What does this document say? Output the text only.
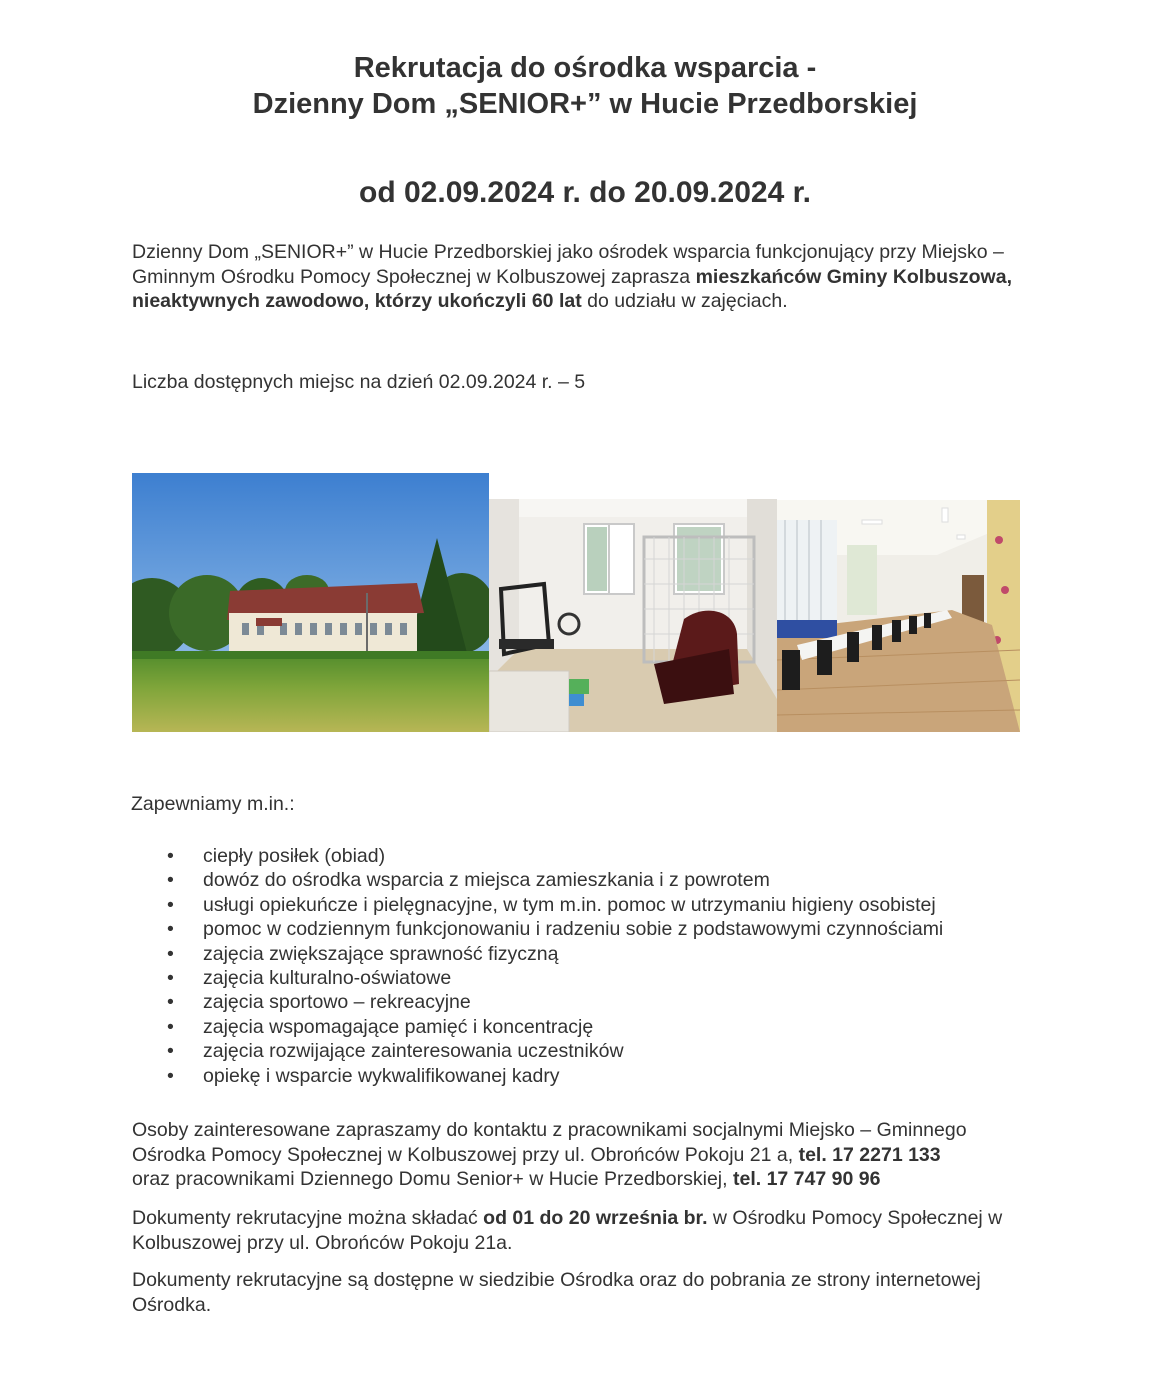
Rekrutacja do ośrodka wsparcia -
Dzienny Dom „SENIOR+” w Hucie Przedborskiej
od 02.09.2024 r. do 20.09.2024 r.
Dzienny Dom „SENIOR+” w Hucie Przedborskiej jako ośrodek wsparcia funkcjonujący przy Miejsko – Gminnym Ośrodku Pomocy Społecznej w Kolbuszowej zaprasza mieszkańców Gminy Kolbuszowa, nieaktywnych zawodowo, którzy ukończyli 60 lat do udziału w zajęciach.
Liczba dostępnych miejsc na dzień 02.09.2024 r. – 5
Zapewniamy m.in.:
• ciepły posiłek (obiad)
• dowóz do ośrodka wsparcia z miejsca zamieszkania i z powrotem
• usługi opiekuńcze i pielęgnacyjne, w tym m.in. pomoc w utrzymaniu higieny osobistej
• pomoc w codziennym funkcjonowaniu i radzeniu sobie z podstawowymi czynnościami
• zajęcia zwiększające sprawność fizyczną
• zajęcia kulturalno-oświatowe
• zajęcia sportowo – rekreacyjne
• zajęcia wspomagające pamięć i koncentrację
• zajęcia rozwijające zainteresowania uczestników
• opiekę i wsparcie wykwalifikowanej kadry
Osoby zainteresowane zapraszamy do kontaktu z pracownikami socjalnymi Miejsko – Gminnego Ośrodka Pomocy Społecznej w Kolbuszowej przy ul. Obrońców Pokoju 21 a, tel. 17 2271 133
oraz pracownikami Dziennego Domu Senior+ w Hucie Przedborskiej, tel. 17 747 90 96
Dokumenty rekrutacyjne można składać od 01 do 20 września br. w Ośrodku Pomocy Społecznej w Kolbuszowej przy ul. Obrońców Pokoju 21a.
Dokumenty rekrutacyjne są dostępne w siedzibie Ośrodka oraz do pobrania ze strony internetowej Ośrodka.
